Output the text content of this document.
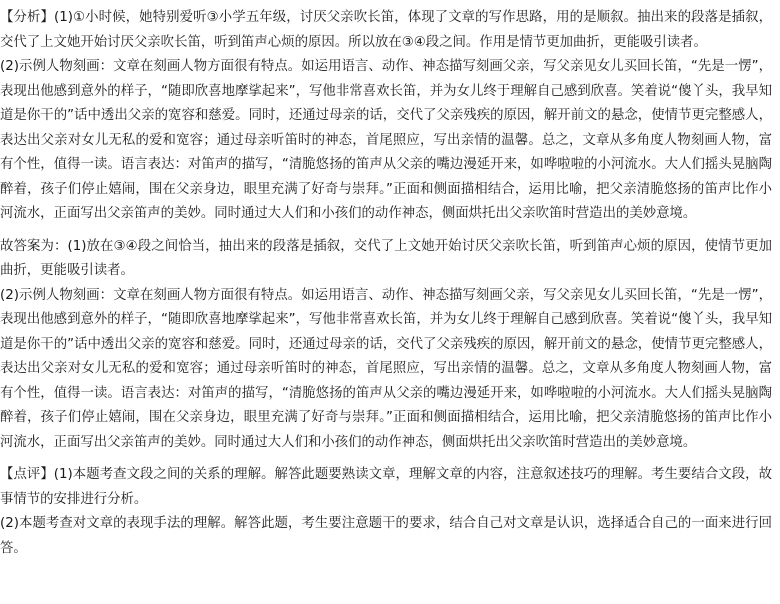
【分析】(1)①小时候，她特别爱听③小学五年级，讨厌父亲吹长笛，体现了文章的写作思路，用的是顺叙。抽出来的段落是插叙，交代了上文她开始讨厌父亲吹长笛，听到笛声心烦的原因。所以放在③④段之间。作用是情节更加曲折，更能吸引读者。

(2)示例人物刻画：文章在刻画人物方面很有特点。如运用语言、动作、神态描写刻画父亲，写父亲见女儿买回长笛，“先是一愣”，表现出他感到意外的样子，“随即欣喜地摩挲起来”，写他非常喜欢长笛，并为女儿终于理解自己感到欣喜。笑着说“傻丫头，我早知道是你干的”话中透出父亲的宽容和慈爱。同时，还通过母亲的话，交代了父亲残疾的原因，解开前文的悬念，使情节更完整感人，表达出父亲对女儿无私的爱和宽容；通过母亲听笛时的神态，首尾照应，写出亲情的温馨。总之，文章从多角度人物刻画人物，富有个性，值得一读。语言表达：对笛声的描写，“清脆悠扬的笛声从父亲的嘴边漫延开来，如哗啦啦的小河流水。大人们摇头晃脑陶醉着，孩子们停止嬉闹，围在父亲身边，眼里充满了好奇与崇拜。”正面和侧面描相结合，运用比喻，把父亲清脆悠扬的笛声比作小河流水，正面写出父亲笛声的美妙。同时通过大人们和小孩们的动作神态，侧面烘托出父亲吹笛时营造出的美妙意境。

故答案为：(1)放在③④段之间恰当，抽出来的段落是插叙，交代了上文她开始讨厌父亲吹长笛，听到笛声心烦的原因，使情节更加曲折，更能吸引读者。

(2)示例人物刻画：文章在刻画人物方面很有特点。如运用语言、动作、神态描写刻画父亲，写父亲见女儿买回长笛，“先是一愣”，表现出他感到意外的样子，“随即欣喜地摩挲起来”，写他非常喜欢长笛，并为女儿终于理解自己感到欣喜。笑着说“傻丫头，我早知道是你干的”话中透出父亲的宽容和慈爱。同时，还通过母亲的话，交代了父亲残疾的原因，解开前文的悬念，使情节更完整感人，表达出父亲对女儿无私的爱和宽容；通过母亲听笛时的神态，首尾照应，写出亲情的温馨。总之，文章从多角度人物刻画人物，富有个性，值得一读。语言表达：对笛声的描写，“清脆悠扬的笛声从父亲的嘴边漫延开来，如哗啦啦的小河流水。大人们摇头晃脑陶醉着，孩子们停止嬉闹，围在父亲身边，眼里充满了好奇与崇拜。”正面和侧面描相结合，运用比喻，把父亲清脆悠扬的笛声比作小河流水，正面写出父亲笛声的美妙。同时通过大人们和小孩们的动作神态，侧面烘托出父亲吹笛时营造出的美妙意境。

【点评】(1)本题考查文段之间的关系的理解。解答此题要熟读文章，理解文章的内容，注意叙述技巧的理解。考生要结合文段，故事情节的安排进行分析。

(2)本题考查对文章的表现手法的理解。解答此题，考生要注意题干的要求，结合自己对文章是认识，选择适合自己的一面来进行回答。
